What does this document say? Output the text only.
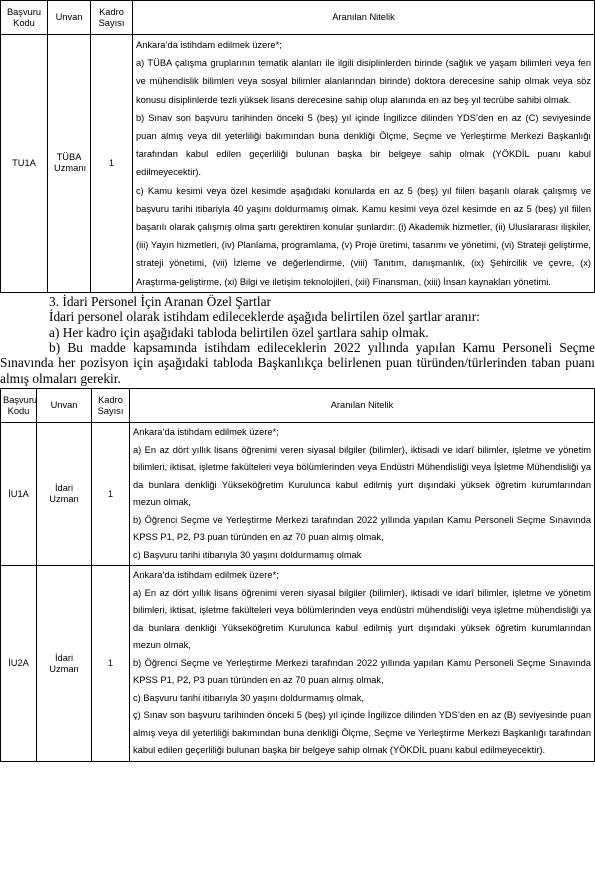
Başvuru Kodu	Unvan	Kadro Sayısı	Aranılan Nitelik
TU1A	TÜBA Uzmanı	1	Ankara’da istihdam edilmek üzere*;

a) TÜBA çalışma gruplarının tematik alanları ile ilgili disiplinlerden birinde (sağlık ve yaşam bilimleri veya fen ve mühendislik bilimleri veya sosyal bilimler alanlarından birinde) doktora derecesine sahip olmak veya söz konusu disiplinlerde tezli yüksek lisans derecesine sahip olup alanında en az beş yıl tecrübe sahibi olmak.

b) Sınav son başvuru tarihinden önceki 5 (beş) yıl içinde İngilizce dilinden YDS’den en az (C) seviyesinde puan almış veya dil yeterliliği bakımından buna denkliği Ölçme, Seçme ve Yerleştirme Merkezi Başkanlığı tarafından kabul edilen geçerliliği bulunan başka bir belgeye sahip olmak (YÖKDİL puanı kabul edilmeyecektir).

c) Kamu kesimi veya özel kesimde aşağıdaki konularda en az 5 (beş) yıl fiilen başarılı olarak çalışmış ve başvuru tarihi itibariyla 40 yaşını doldurmamış olmak. Kamu kesimi veya özel kesimde en az 5 (beş) yıl fiilen başarılı olarak çalışmış olma şartı gerektiren konular şunlardır: (i) Akademik hizmetler, (ii) Uluslararası ilişkiler, (iii) Yayın hizmetleri, (iv) Planlama, programlama, (v) Proje üretimi, tasarımı ve yönetimi, (vi) Strateji geliştirme, strateji yönetimi, (vii) İzleme ve değerlendirme, (viii) Tanıtım, danışmanlık, (ix) Şehircilik ve çevre, (x) Araştırma-geliştirme, (xi) Bilgi ve iletişim teknolojileri, (xii) Finansman, (xiii) İnsan kaynakları yönetimi.

3. İdari Personel İçin Aranan Özel Şartlar

İdari personel olarak istihdam edileceklerde aşağıda belirtilen özel şartlar aranır:

a) Her kadro için aşağıdaki tabloda belirtilen özel şartlara sahip olmak.

b) Bu madde kapsamında istihdam edileceklerin 2022 yıllında yapılan Kamu Personeli Seçme Sınavında her pozisyon için aşağıdaki tabloda Başkanlıkça belirlenen puan türünden/türlerinden taban puanı almış olmaları gerekir.

Başvuru Kodu	Unvan	Kadro Sayısı	Aranılan Nitelik
İU1A	İdari Uzman	1	Ankara’da istihdam edilmek üzere*;

a) En az dört yıllık lisans öğrenimi veren siyasal bilgiler (bilimler), iktisadi ve idarî bilimler, işletme ve yönetim bilimleri, iktisat, işletme fakülteleri veya bölümlerinden veya Endüstri Mühendisliği veya İşletme Mühendisliği ya da bunlara denkliği Yükseköğretim Kurulunca kabul edilmiş yurt dışındaki yüksek öğretim kurumlarından mezun olmak,

b) Öğrenci Seçme ve Yerleştirme Merkezi tarafından 2022 yıllında yapılan Kamu Personeli Seçme Sınavında KPSS P1, P2, P3 puan türünden en az 70 puan almış olmak,

c) Başvuru tarihi itibarıyla 30 yaşını doldurmamış olmak

İU2A	İdari Uzman	1	Ankara’da istihdam edilmek üzere*;

a) En az dört yıllık lisans öğrenimi veren siyasal bilgiler (bilimler), iktisadi ve idarî bilimler, işletme ve yönetim bilimleri, iktisat, işletme fakülteleri veya bölümlerinden veya endüstri mühendisliği veya işletme mühendisliği ya da bunlara denkliği Yükseköğretim Kurulunca kabul edilmiş yurt dışındaki yüksek öğretim kurumlarından mezun olmak,

b) Öğrenci Seçme ve Yerleştirme Merkezi tarafından 2022 yıllında yapılan Kamu Personeli Seçme Sınavında KPSS P1, P2, P3 puan türünden en az 70 puan almış olmak,

c) Başvuru tarihi itibarıyla 30 yaşını doldurmamış olmak,

ç) Sınav son başvuru tarihinden önceki 5 (beş) yıl içinde İngilizce dilinden YDS’den en az (B) seviyesinde puan almış veya dil yeterliliği bakımından buna denkliği Ölçme, Seçme ve Yerleştirme Merkezi Başkanlığı tarafından kabul edilen geçerliliği bulunan başka bir belgeye sahip olmak (YÖKDİL puanı kabul edilmeyecektir).
